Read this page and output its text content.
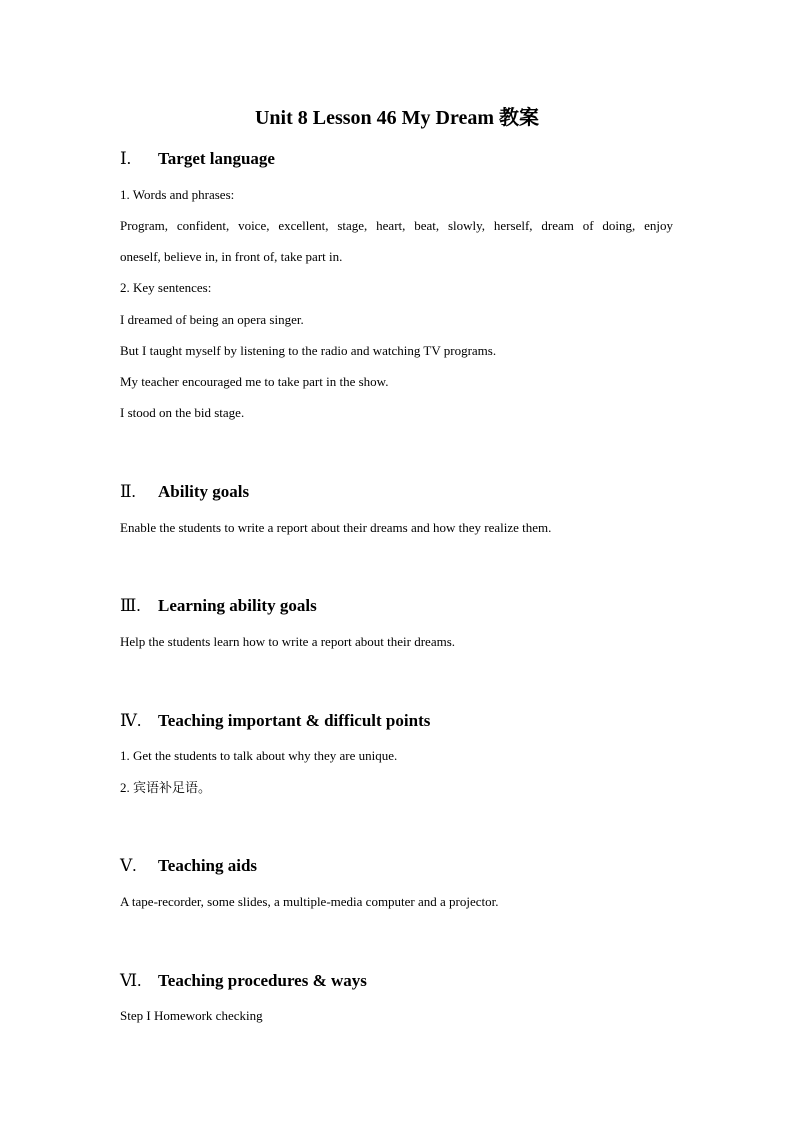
Unit 8 Lesson 46 My Dream 教案
Ⅰ. Target language
1. Words and phrases:
Program, confident, voice, excellent, stage, heart, beat, slowly, herself, dream of doing, enjoy
oneself, believe in, in front of, take part in.
2. Key sentences:
I dreamed of being an opera singer.
But I taught myself by listening to the radio and watching TV programs.
My teacher encouraged me to take part in the show.
I stood on the bid stage.
Ⅱ. Ability goals
Enable the students to write a report about their dreams and how they realize them.
Ⅲ. Learning ability goals
Help the students learn how to write a report about their dreams.
Ⅳ. Teaching important & difficult points
1. Get the students to talk about why they are unique.
2. 宾语补足语。
Ⅴ. Teaching aids
A tape-recorder, some slides, a multiple-media computer and a projector.
Ⅵ. Teaching procedures & ways
Step I Homework checking
